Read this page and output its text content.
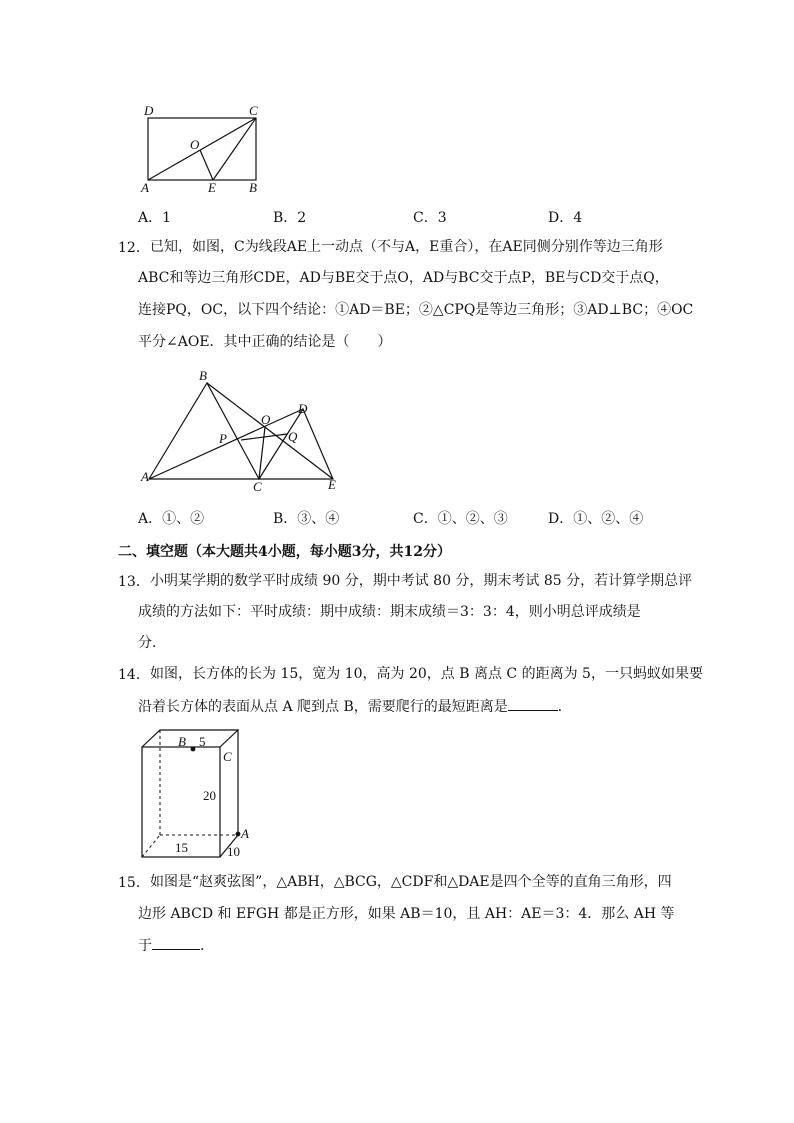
D	C
O
A	E	B
A．1	B．2	C．3	D．4
12． 已知，如图，C为线段AE上一动点（不与A，E重合），在AE同侧分别作等边三角形
ABC和等边三角形CDE，AD与BE交于点O，AD与BC交于点P，BE与CD交于点Q，
连接PQ，OC，以下四个结论：①AD＝BE；②△CPQ是等边三角形；③AD⊥BC；④OC
平分∠AOE．其中正确的结论是（　　）
B
D
O
P	Q
A
C	E
A．①、②	B．③、④	C．①、②、③	D．①、②、④
二、填空题（本大题共4小题，每小题3分，共12分）
13． 小明某学期的数学平时成绩 90 分，期中考试 80 分，期末考试 85 分，若计算学期总评
成绩的方法如下：平时成绩：期中成绩：期末成绩＝3：3：4，则小明总评成绩是
分．
14． 如图，长方体的长为 15，宽为 10，高为 20，点 B 离点 C 的距离为 5，一只蚂蚁如果要
沿着长方体的表面从点 A 爬到点 B，需要爬行的最短距离是	．
B 5
C
20
A
15	10
15． 如图是“赵爽弦图”，△ABH，△BCG，△CDF和△DAE是四个全等的直角三角形，四
边形 ABCD 和 EFGH 都是正方形，如果 AB＝10，且 AH：AE＝3：4．那么 AH 等
于	．
